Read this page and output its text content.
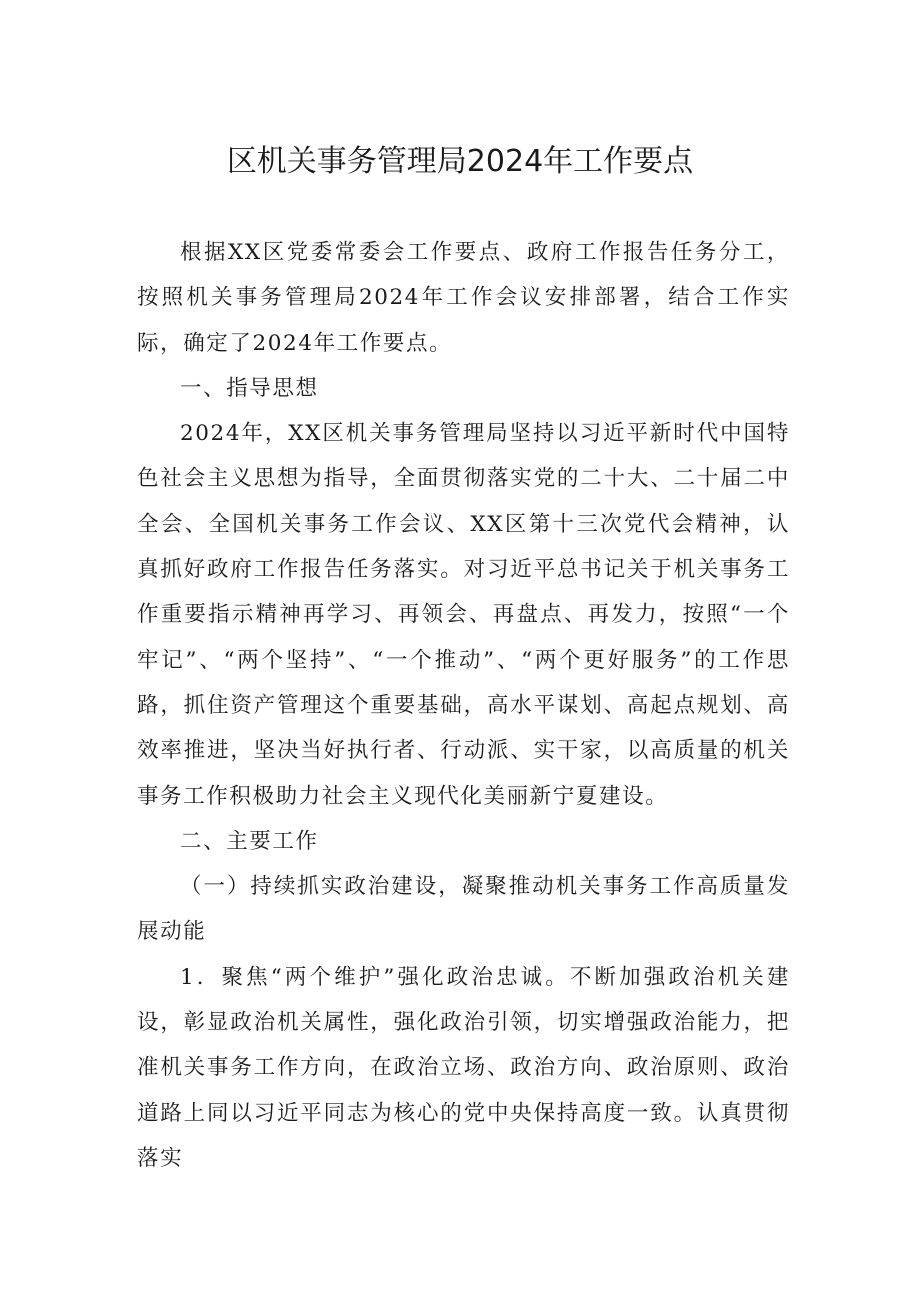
区机关事务管理局2024年工作要点

根据XX区党委常委会工作要点、政府工作报告任务分工，按照机关事务管理局2024年工作会议安排部署，结合工作实际，确定了2024年工作要点。

一、指导思想

2024年，XX区机关事务管理局坚持以习近平新时代中国特色社会主义思想为指导，全面贯彻落实党的二十大、二十届二中全会、全国机关事务工作会议、XX区第十三次党代会精神，认真抓好政府工作报告任务落实。对习近平总书记关于机关事务工作重要指示精神再学习、再领会、再盘点、再发力，按照“一个牢记”、“两个坚持”、“一个推动”、“两个更好服务”的工作思路，抓住资产管理这个重要基础，高水平谋划、高起点规划、高效率推进，坚决当好执行者、行动派、实干家，以高质量的机关事务工作积极助力社会主义现代化美丽新宁夏建设。

二、主要工作

（一）持续抓实政治建设，凝聚推动机关事务工作高质量发展动能

1．聚焦“两个维护”强化政治忠诚。不断加强政治机关建设，彰显政治机关属性，强化政治引领，切实增强政治能力，把准机关事务工作方向，在政治立场、政治方向、政治原则、政治道路上同以习近平同志为核心的党中央保持高度一致。认真贯彻落实
